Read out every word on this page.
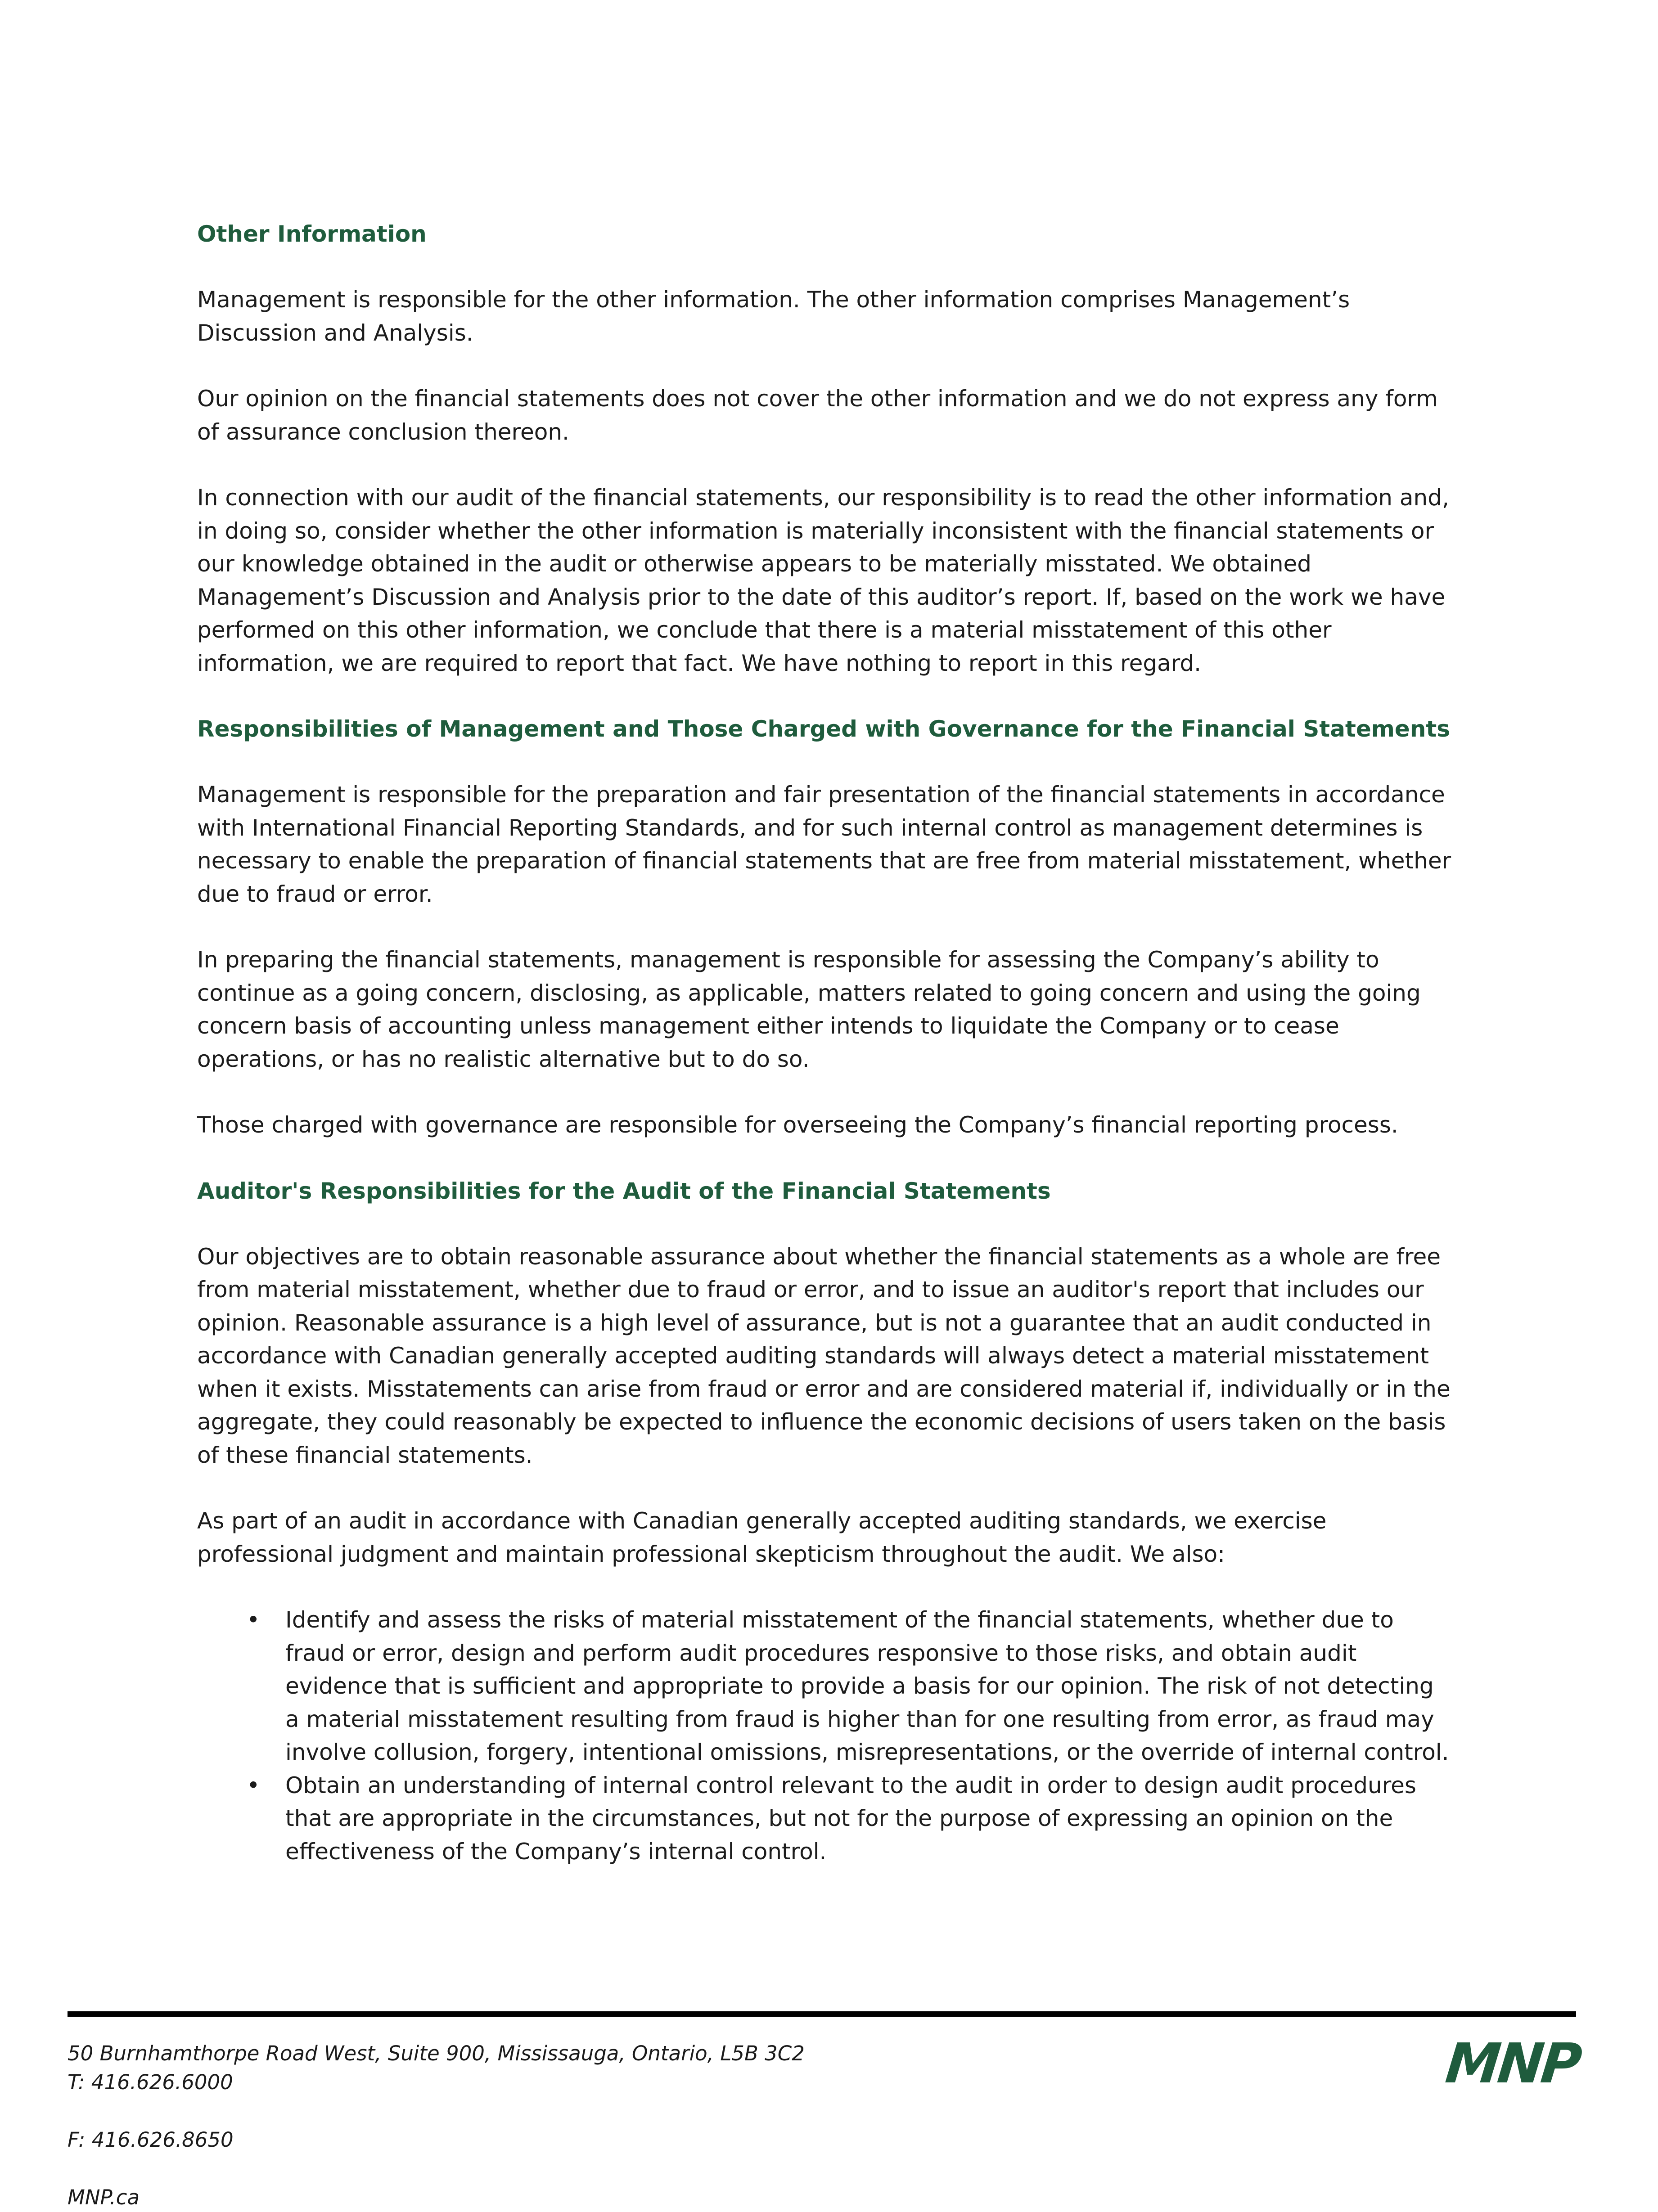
Other Information

Management is responsible for the other information. The other information comprises Management’s Discussion and Analysis.

Our opinion on the financial statements does not cover the other information and we do not express any form of assurance conclusion thereon.

In connection with our audit of the financial statements, our responsibility is to read the other information and, in doing so, consider whether the other information is materially inconsistent with the financial statements or our knowledge obtained in the audit or otherwise appears to be materially misstated. We obtained Management’s Discussion and Analysis prior to the date of this auditor’s report. If, based on the work we have performed on this other information, we conclude that there is a material misstatement of this other information, we are required to report that fact. We have nothing to report in this regard.

Responsibilities of Management and Those Charged with Governance for the Financial Statements

Management is responsible for the preparation and fair presentation of the financial statements in accordance with International Financial Reporting Standards, and for such internal control as management determines is necessary to enable the preparation of financial statements that are free from material misstatement, whether due to fraud or error.

In preparing the financial statements, management is responsible for assessing the Company’s ability to continue as a going concern, disclosing, as applicable, matters related to going concern and using the going concern basis of accounting unless management either intends to liquidate the Company or to cease operations, or has no realistic alternative but to do so.

Those charged with governance are responsible for overseeing the Company’s financial reporting process.

Auditor's Responsibilities for the Audit of the Financial Statements

Our objectives are to obtain reasonable assurance about whether the financial statements as a whole are free from material misstatement, whether due to fraud or error, and to issue an auditor's report that includes our opinion. Reasonable assurance is a high level of assurance, but is not a guarantee that an audit conducted in accordance with Canadian generally accepted auditing standards will always detect a material misstatement when it exists. Misstatements can arise from fraud or error and are considered material if, individually or in the aggregate, they could reasonably be expected to influence the economic decisions of users taken on the basis of these financial statements.

As part of an audit in accordance with Canadian generally accepted auditing standards, we exercise professional judgment and maintain professional skepticism throughout the audit. We also:

• Identify and assess the risks of material misstatement of the financial statements, whether due to fraud or error, design and perform audit procedures responsive to those risks, and obtain audit evidence that is sufficient and appropriate to provide a basis for our opinion. The risk of not detecting a material misstatement resulting from fraud is higher than for one resulting from error, as fraud may involve collusion, forgery, intentional omissions, misrepresentations, or the override of internal control.
• Obtain an understanding of internal control relevant to the audit in order to design audit procedures that are appropriate in the circumstances, but not for the purpose of expressing an opinion on the effectiveness of the Company’s internal control.
50 Burnhamthorpe Road West, Suite 900, Mississauga, Ontario, L5B 3C2
T: 416.626.6000
F: 416.626.8650
MNP.ca
MNP
